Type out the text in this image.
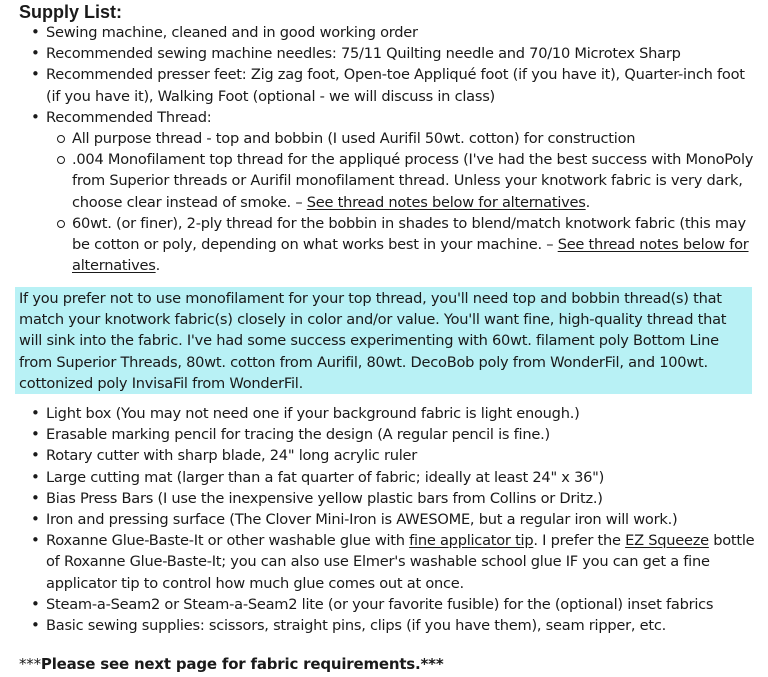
Supply List:
• Sewing machine, cleaned and in good working order
• Recommended sewing machine needles: 75/11 Quilting needle and 70/10 Microtex Sharp
• Recommended presser feet: Zig zag foot, Open-toe Appliqué foot (if you have it), Quarter-inch foot (if you have it), Walking Foot (optional - we will discuss in class)
• Recommended Thread:
All purpose thread - top and bobbin (I used Aurifil 50wt. cotton) for construction
.004 Monofilament top thread for the appliqué process (I've had the best success with MonoPoly from Superior threads or Aurifil monofilament thread. Unless your knotwork fabric is very dark, choose clear instead of smoke. – See thread notes below for alternatives.
60wt. (or finer), 2-ply thread for the bobbin in shades to blend/match knotwork fabric (this may be cotton or poly, depending on what works best in your machine. – See thread notes below for alternatives.

If you prefer not to use monofilament for your top thread, you'll need top and bobbin thread(s) that match your knotwork fabric(s) closely in color and/or value. You'll want fine, high-quality thread that will sink into the fabric. I've had some success experimenting with 60wt. filament poly Bottom Line from Superior Threads, 80wt. cotton from Aurifil, 80wt. DecoBob poly from WonderFil, and 100wt. cottonized poly InvisaFil from WonderFil.

• Light box (You may not need one if your background fabric is light enough.)
• Erasable marking pencil for tracing the design (A regular pencil is fine.)
• Rotary cutter with sharp blade, 24" long acrylic ruler
• Large cutting mat (larger than a fat quarter of fabric; ideally at least 24" x 36")
• Bias Press Bars (I use the inexpensive yellow plastic bars from Collins or Dritz.)
• Iron and pressing surface (The Clover Mini-Iron is AWESOME, but a regular iron will work.)
• Roxanne Glue-Baste-It or other washable glue with fine applicator tip. I prefer the EZ Squeeze bottle of Roxanne Glue-Baste-It; you can also use Elmer's washable school glue IF you can get a fine applicator tip to control how much glue comes out at once.
• Steam-a-Seam2 or Steam-a-Seam2 lite (or your favorite fusible) for the (optional) inset fabrics
• Basic sewing supplies: scissors, straight pins, clips (if you have them), seam ripper, etc.
***Please see next page for fabric requirements.***
